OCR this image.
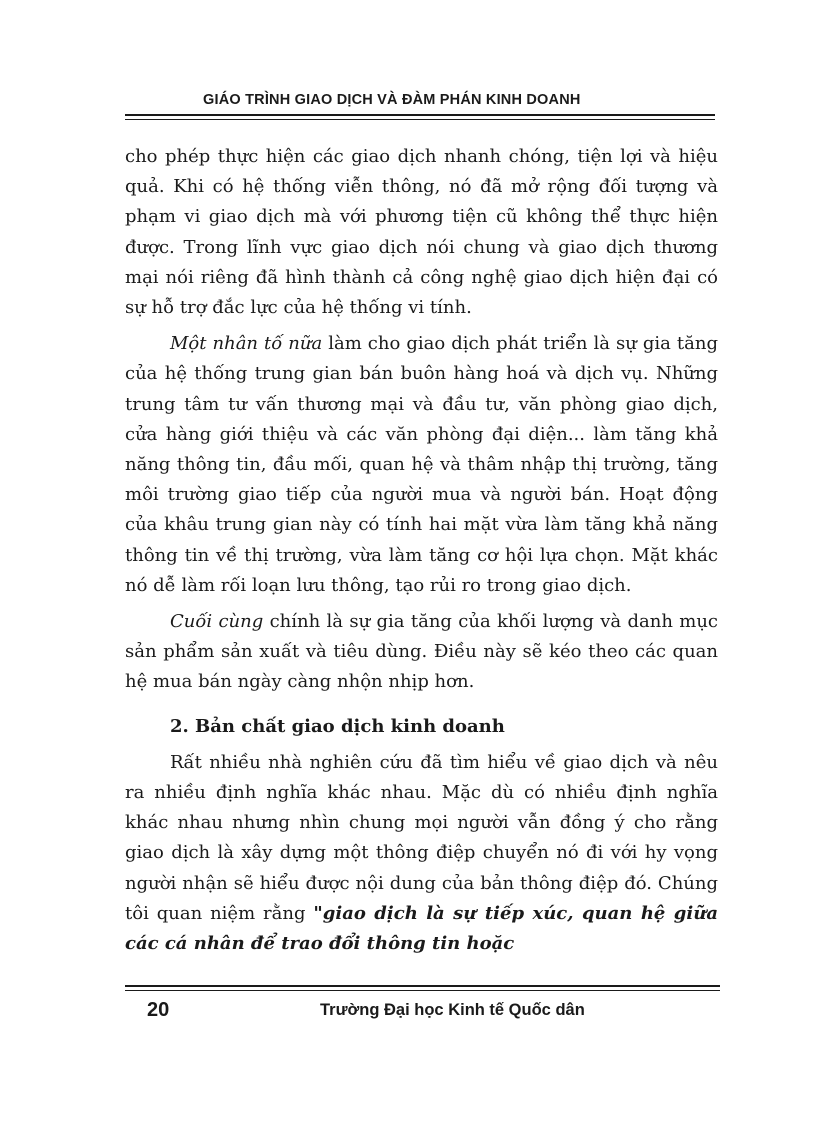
GIÁO TRÌNH GIAO DỊCH VÀ ĐÀM PHÁN KINH DOANH

cho phép thực hiện các giao dịch nhanh chóng, tiện lợi và hiệu quả. Khi có hệ thống viễn thông, nó đã mở rộng đối tượng và phạm vi giao dịch mà với phương tiện cũ không thể thực hiện được. Trong lĩnh vực giao dịch nói chung và giao dịch thương mại nói riêng đã hình thành cả công nghệ giao dịch hiện đại có sự hỗ trợ đắc lực của hệ thống vi tính.

Một nhân tố nữa làm cho giao dịch phát triển là sự gia tăng của hệ thống trung gian bán buôn hàng hoá và dịch vụ. Những trung tâm tư vấn thương mại và đầu tư, văn phòng giao dịch, cửa hàng giới thiệu và các văn phòng đại diện... làm tăng khả năng thông tin, đầu mối, quan hệ và thâm nhập thị trường, tăng môi trường giao tiếp của người mua và người bán. Hoạt động của khâu trung gian này có tính hai mặt vừa làm tăng khả năng thông tin về thị trường, vừa làm tăng cơ hội lựa chọn. Mặt khác nó dễ làm rối loạn lưu thông, tạo rủi ro trong giao dịch.

Cuối cùng chính là sự gia tăng của khối lượng và danh mục sản phẩm sản xuất và tiêu dùng. Điều này sẽ kéo theo các quan hệ mua bán ngày càng nhộn nhịp hơn.

2. Bản chất giao dịch kinh doanh

Rất nhiều nhà nghiên cứu đã tìm hiểu về giao dịch và nêu ra nhiều định nghĩa khác nhau. Mặc dù có nhiều định nghĩa khác nhau nhưng nhìn chung mọi người vẫn đồng ý cho rằng giao dịch là xây dựng một thông điệp chuyển nó đi với hy vọng người nhận sẽ hiểu được nội dung của bản thông điệp đó. Chúng tôi quan niệm rằng "giao dịch là sự tiếp xúc, quan hệ giữa các cá nhân để trao đổi thông tin hoặc

20	Trường Đại học Kinh tế Quốc dân
